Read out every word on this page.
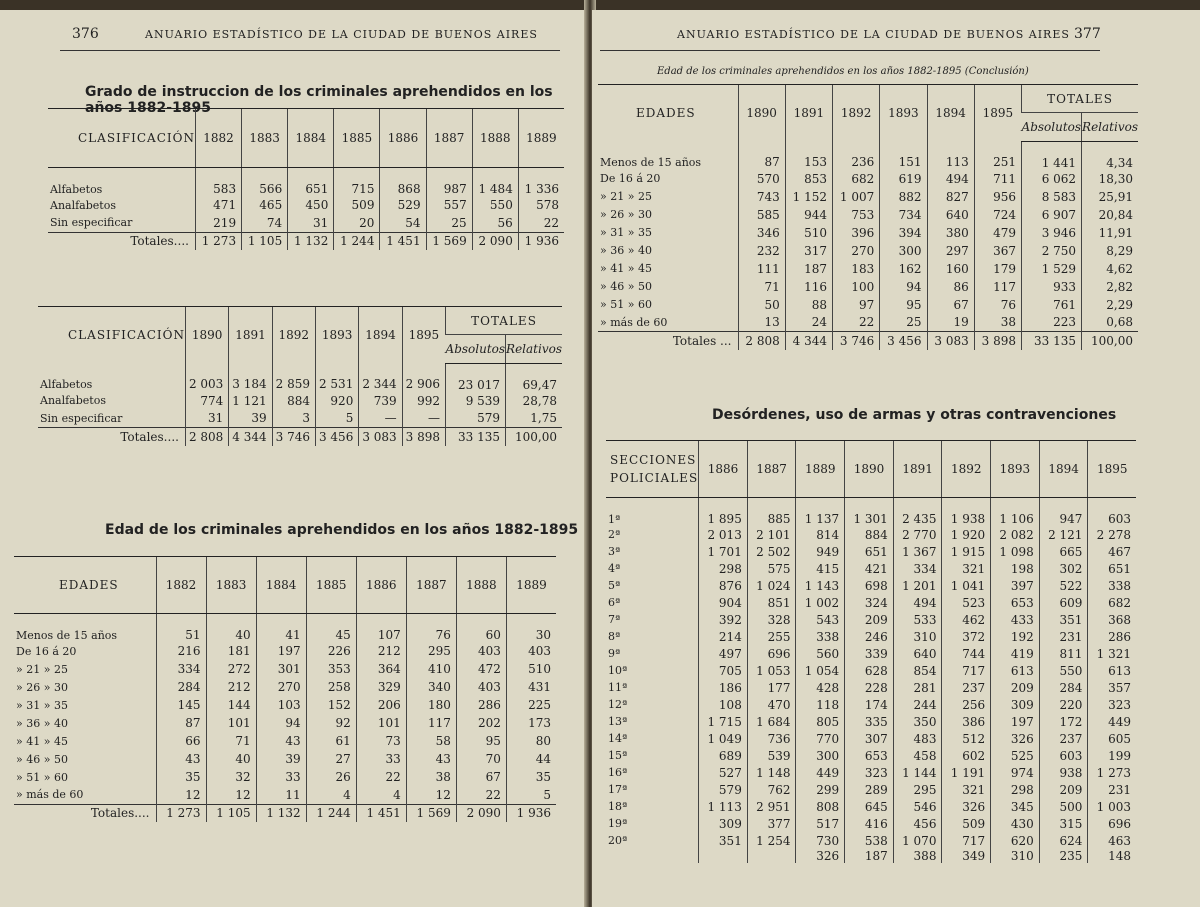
376	ANUARIO ESTADÍSTICO DE LA CIUDAD DE BUENOS AIRES
Grado de instruccion de los criminales aprehendidos en los años 1882-1895
CLASIFICACIÓN	1882	1883	1884	1885	1886	1887	1888	1889
Alfabetos	583	566	651	715	868	987	1 484	1 336
Analfabetos	471	465	450	509	529	557	550	578
Sin especificar	219	74	31	20	54	25	56	22
Totales....	1 273	1 105	1 132	1 244	1 451	1 569	2 090	1 936
CLASIFICACIÓN	1890	1891	1892	1893	1894	1895	TOTALES	
							Absolutos	Relativos
Alfabetos	2 003	3 184	2 859	2 531	2 344	2 906	23 017	69,47
Analfabetos	774	1 121	884	920	739	992	9 539	28,78
Sin especificar	31	39	3	5	—	—	579	1,75
Totales....	2 808	4 344	3 746	3 456	3 083	3 898	33 135	100,00
Edad de los criminales aprehendidos en los años 1882-1895
EDADES	1882	1883	1884	1885	1886	1887	1888	1889
Menos de 15 años	51	40	41	45	107	76	60	30
De 16 á 20	216	181	197	226	212	295	403	403
» 21 » 25	334	272	301	353	364	410	472	510
» 26 » 30	284	212	270	258	329	340	403	431
» 31 » 35	145	144	103	152	206	180	286	225
» 36 » 40	87	101	94	92	101	117	202	173
» 41 » 45	66	71	43	61	73	58	95	80
» 46 » 50	43	40	39	27	33	43	70	44
» 51 » 60	35	32	33	26	22	38	67	35
» más de 60	12	12	11	4	4	12	22	5
Totales....	1 273	1 105	1 132	1 244	1 451	1 569	2 090	1 936
ANUARIO ESTADÍSTICO DE LA CIUDAD DE BUENOS AIRES 377
Edad de los criminales aprehendidos en los años 1882-1895 (Conclusión)
EDADES	1890	1891	1892	1893	1894	1895	TOTALES	
							Absolutos	Relativos
Menos de 15 años	87	153	236	151	113	251	1 441	4,34
De 16 á 20	570	853	682	619	494	711	6 062	18,30
» 21 » 25	743	1 152	1 007	882	827	956	8 583	25,91
» 26 » 30	585	944	753	734	640	724	6 907	20,84
» 31 » 35	346	510	396	394	380	479	3 946	11,91
» 36 » 40	232	317	270	300	297	367	2 750	8,29
» 41 » 45	111	187	183	162	160	179	1 529	4,62
» 46 » 50	71	116	100	94	86	117	933	2,82
» 51 » 60	50	88	97	95	67	76	761	2,29
» más de 60	13	24	22	25	19	38	223	0,68
Totales ...	2 808	4 344	3 746	3 456	3 083	3 898	33 135	100,00
Desórdenes, uso de armas y otras contravenciones
SECCIONES
POLICIALES	1886	1887	1889	1890	1891	1892	1893	1894	1895
1ª	1 895	885	1 137	1 301	2 435	1 938	1 106	947	603
2ª	2 013	2 101	814	884	2 770	1 920	2 082	2 121	2 278
3ª	1 701	2 502	949	651	1 367	1 915	1 098	665	467
4ª	298	575	415	421	334	321	198	302	651
5ª	876	1 024	1 143	698	1 201	1 041	397	522	338
6ª	904	851	1 002	324	494	523	653	609	682
7ª	392	328	543	209	533	462	433	351	368
8ª	214	255	338	246	310	372	192	231	286
9ª	497	696	560	339	640	744	419	811	1 321
10ª	705	1 053	1 054	628	854	717	613	550	613
11ª	186	177	428	228	281	237	209	284	357
12ª	108	470	118	174	244	256	309	220	323
13ª	1 715	1 684	805	335	350	386	197	172	449
14ª	1 049	736	770	307	483	512	326	237	605
15ª	689	539	300	653	458	602	525	603	199
16ª	527	1 148	449	323	1 144	1 191	974	938	1 273
17ª	579	762	299	289	295	321	298	209	231
18ª	1 113	2 951	808	645	546	326	345	500	1 003
19ª	309	377	517	416	456	509	430	315	696
20ª	351	1 254	730	538	1 070	717	620	624	463
			326	187	388	349	310	235	148
